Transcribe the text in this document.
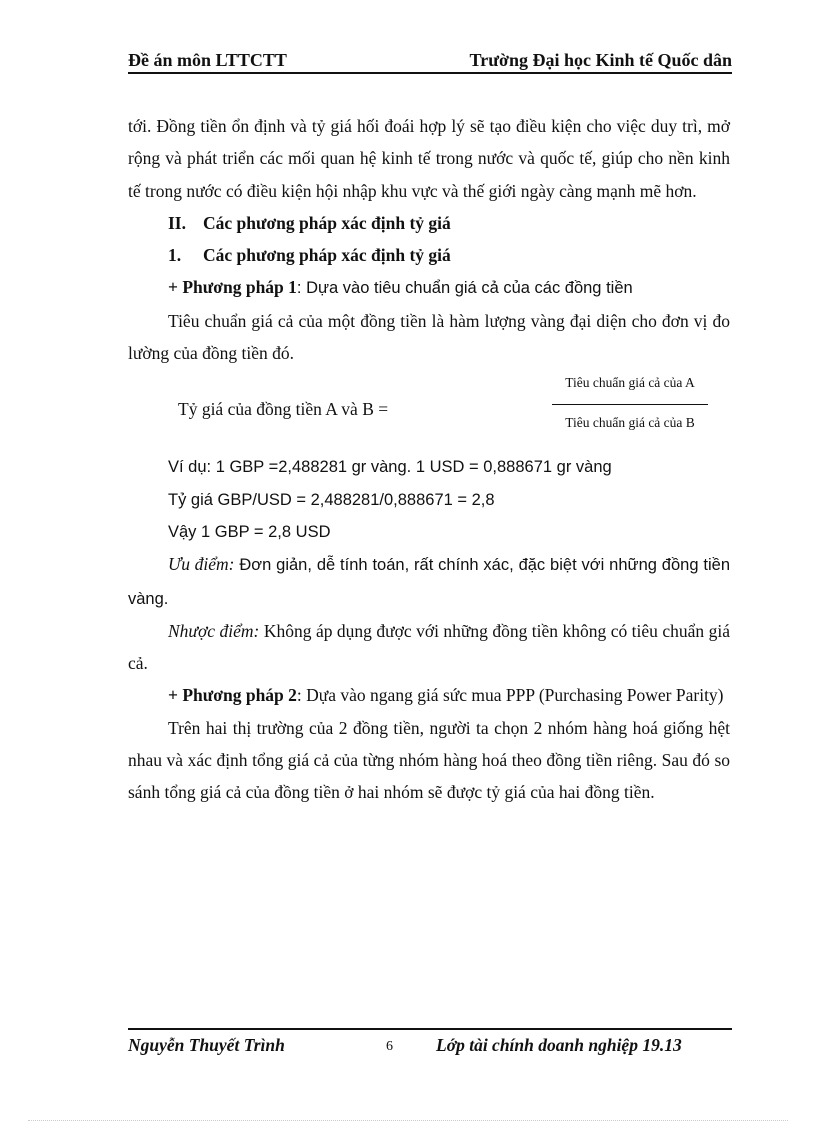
Đề án môn LTTCTT	Trường Đại học Kinh tế Quốc dân

tới. Đồng tiền ổn định và tỷ giá hối đoái hợp lý sẽ tạo điều kiện cho việc duy trì, mở rộng và phát triển các mối quan hệ kinh tế trong nước và quốc tế, giúp cho nền kinh tế trong nước có điều kiện hội nhập khu vực và thế giới ngày càng mạnh mẽ hơn.

II. Các phương pháp xác định tỷ giá

1. Các phương pháp xác định tỷ giá

+ Phương pháp 1: Dựa vào tiêu chuẩn giá cả của các đồng tiền

Tiêu chuẩn giá cả của một đồng tiền là hàm lượng vàng đại diện cho đơn vị đo lường của đồng tiền đó.

Tỷ giá của đồng tiền A và B =
Tiêu chuẩn giá cả của A
Tiêu chuẩn giá cả của B

Ví dụ: 1 GBP =2,488281 gr vàng. 1 USD = 0,888671 gr vàng

Tỷ giá GBP/USD = 2,488281/0,888671 = 2,8

Vậy 1 GBP = 2,8 USD

Ưu điểm: Đơn giản, dễ tính toán, rất chính xác, đặc biệt với những đồng tiền vàng.

Nhược điểm: Không áp dụng được với những đồng tiền không có tiêu chuẩn giá cả.

+ Phương pháp 2: Dựa vào ngang giá sức mua PPP (Purchasing Power Parity)

Trên hai thị trường của 2 đồng tiền, người ta chọn 2 nhóm hàng hoá giống hệt nhau và xác định tổng giá cả của từng nhóm hàng hoá theo đồng tiền riêng. Sau đó so sánh tổng giá cả của đồng tiền ở hai nhóm sẽ được tỷ giá của hai đồng tiền.

Nguyễn Thuyết Trình	6 Lớp tài chính doanh nghiệp 19.13
